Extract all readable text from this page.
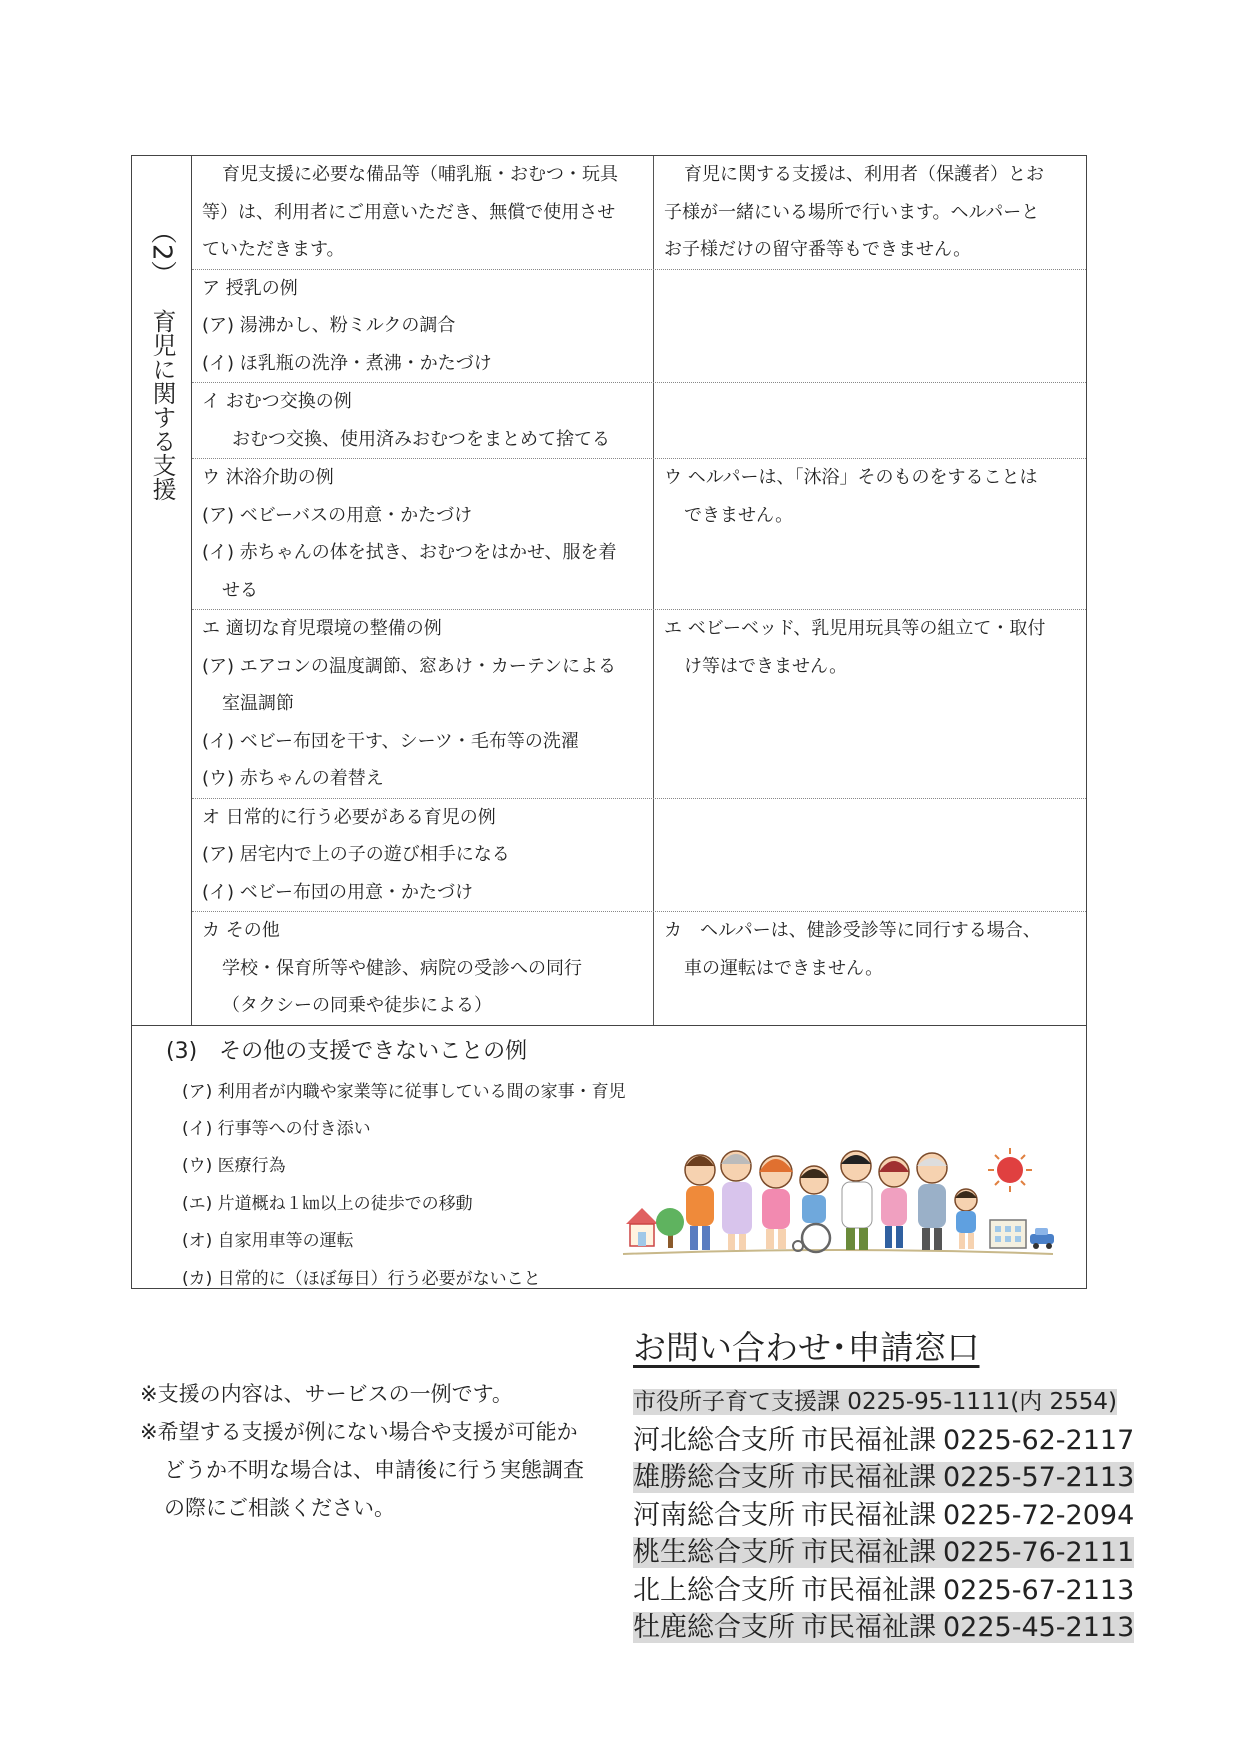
（2）
育児に関する支援
育児支援に必要な備品等（哺乳瓶・おむつ・玩具
等）は、利用者にご用意いただき、無償で使用させ
ていただきます。
育児に関する支援は、利用者（保護者）とお
子様が一緒にいる場所で行います。ヘルパーと
お子様だけの留守番等もできません。
ア 授乳の例
(ア) 湯沸かし、粉ミルクの調合
(イ) ほ乳瓶の洗浄・煮沸・かたづけ
イ おむつ交換の例
おむつ交換、使用済みおむつをまとめて捨てる
ウ 沐浴介助の例
(ア) ベビーバスの用意・かたづけ
(イ) 赤ちゃんの体を拭き、おむつをはかせ、服を着
せる
ウ ヘルパーは、「沐浴」そのものをすることは
できません。
エ 適切な育児環境の整備の例
(ア) エアコンの温度調節、窓あけ・カーテンによる
室温調節
(イ) ベビー布団を干す、シーツ・毛布等の洗濯
(ウ) 赤ちゃんの着替え
エ ベビーベッド、乳児用玩具等の組立て・取付
け等はできません。
オ 日常的に行う必要がある育児の例
(ア) 居宅内で上の子の遊び相手になる
(イ) ベビー布団の用意・かたづけ
カ その他
学校・保育所等や健診、病院の受診への同行
（タクシーの同乗や徒歩による）
カ　ヘルパーは、健診受診等に同行する場合、
車の運転はできません。
(3)　その他の支援できないことの例
(ア) 利用者が内職や家業等に従事している間の家事・育児
(イ) 行事等への付き添い
(ウ) 医療行為
(エ) 片道概ね１㎞以上の徒歩での移動
(オ) 自家用車等の運転
(カ) 日常的に（ほぼ毎日）行う必要がないこと
※支援の内容は、サービスの一例です。
※希望する支援が例にない場合や支援が可能かどうか不明な場合は、申請後に行う実態調査の際にご相談ください。
お問い合わせ･申請窓口
市役所子育て支援課 0225-95-1111(内 2554)
河北総合支所 市民福祉課 0225-62-2117
雄勝総合支所 市民福祉課 0225-57-2113
河南総合支所 市民福祉課 0225-72-2094
桃生総合支所 市民福祉課 0225-76-2111
北上総合支所 市民福祉課 0225-67-2113
牡鹿総合支所 市民福祉課 0225-45-2113
